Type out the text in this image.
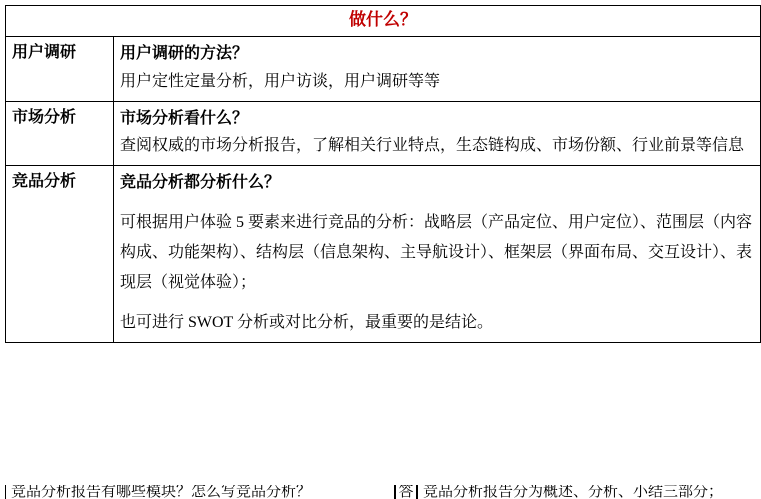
做什么？	
用户调研	用户调研的方法？

用户定性定量分析，用户访谈，用户调研等等

市场分析	市场分析看什么？

查阅权威的市场分析报告，了解相关行业特点，生态链构成、市场份额、行业前景等信息

竞品分析	竞品分析都分析什么？

可根据用户体验 5 要素来进行竞品的分析：战略层（产品定位、用户定位）、范围层（内容构成、功能架构）、结构层（信息架构、主导航设计）、框架层（界面布局、交互设计）、表现层（视觉体验）；

也可进行 SWOT 分析或对比分析，最重要的是结论。

竞品分析报告有哪些模块？怎么写竞品分析？	答 竞品分析报告分为概述、分析、小结三部分；
